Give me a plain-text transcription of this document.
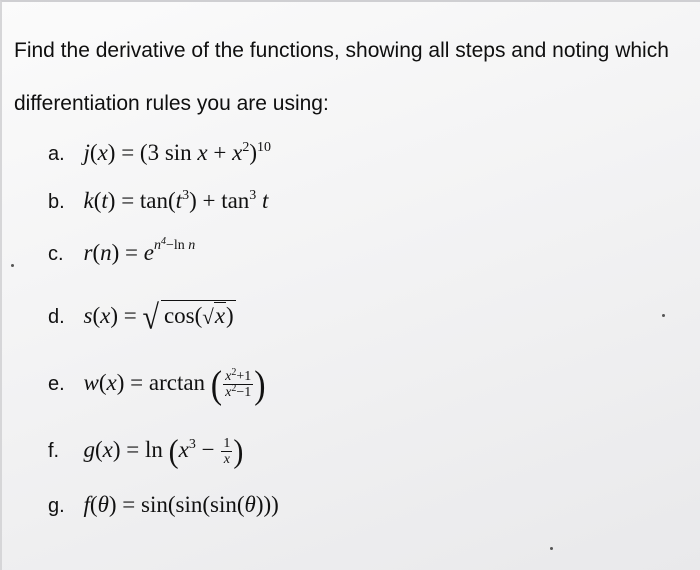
Find the derivative of the functions, showing all steps and noting which
differentiation rules you are using:
a. j(x) = (3 $\sin x + x^2)^{10}$
b. $k(t) = \tan(t^3) + \tan^3 t$
c. $r(n) = e^{n^4-ln n}$
d. s(x) = √ cos(√x)
e. w(x) = arctan ( $\frac{x^2+1}{x^2-1}$ )
f. $g(x) = \ln (x^3 - \frac{1}{x}$ )
g. f(θ) = sin(sin(sin(θ)))
